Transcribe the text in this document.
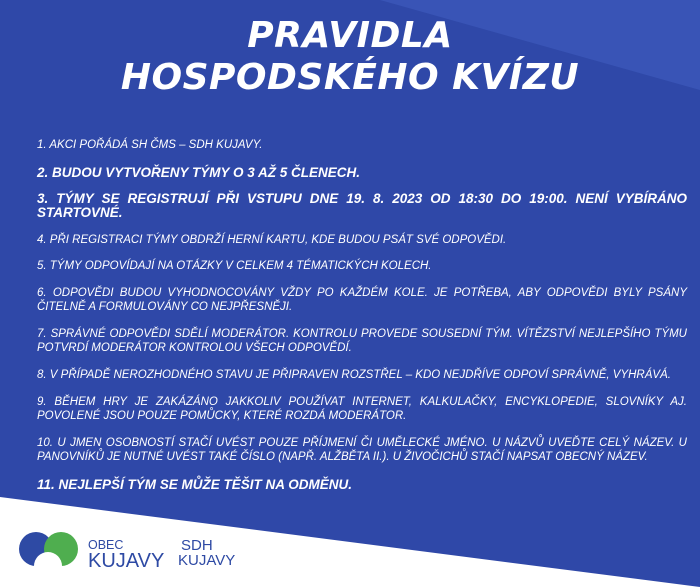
PRAVIDLA
HOSPODSKÉHO KVÍZU
1. AKCI POŘÁDÁ SH ČMS – SDH KUJAVY.
2. BUDOU VYTVOŘENY TÝMY O 3 AŽ 5 ČLENECH.
3. TÝMY SE REGISTRUJÍ PŘI VSTUPU DNE 19. 8. 2023 OD 18:30 DO 19:00. NENÍ VYBÍRÁNO STARTOVNÉ.
4. PŘI REGISTRACI TÝMY OBDRŽÍ HERNÍ KARTU, KDE BUDOU PSÁT SVÉ ODPOVĚDI.
5. TÝMY ODPOVÍDAJÍ NA OTÁZKY V CELKEM 4 TÉMATICKÝCH KOLECH.
6. ODPOVĚDI BUDOU VYHODNOCOVÁNY VŽDY PO KAŽDÉM KOLE. JE POTŘEBA, ABY ODPOVĚDI BYLY PSÁNY ČITELNĚ A FORMULOVÁNY CO NEJPŘESNĚJI.
7. SPRÁVNÉ ODPOVĚDI SDĚLÍ MODERÁTOR. KONTROLU PROVEDE SOUSEDNÍ TÝM. VÍTĚZSTVÍ NEJLEPŠÍHO TÝMU POTVRDÍ MODERÁTOR KONTROLOU VŠECH ODPOVĚDÍ.
8. V PŘÍPADĚ NEROZHODNÉHO STAVU JE PŘIPRAVEN ROZSTŘEL – KDO NEJDŘÍVE ODPOVÍ SPRÁVNĚ, VYHRÁVÁ.
9. BĚHEM HRY JE ZAKÁZÁNO JAKKOLIV POUŽÍVAT INTERNET, KALKULAČKY, ENCYKLOPEDIE, SLOVNÍKY AJ. POVOLENÉ JSOU POUZE POMŮCKY, KTERÉ ROZDÁ MODERÁTOR.
10. U JMEN OSOBNOSTÍ STAČÍ UVÉST POUZE PŘÍJMENÍ ČI UMĚLECKÉ JMÉNO. U NÁZVŮ UVEĎTE CELÝ NÁZEV. U PANOVNÍKŮ JE NUTNÉ UVÉST TAKÉ ČÍSLO (NAPŘ. ALŽBĚTA II.). U ŽIVOČICHŮ STAČÍ NAPSAT OBECNÝ NÁZEV.
11. NEJLEPŠÍ TÝM SE MŮŽE TĚŠIT NA ODMĚNU.
OBEC
KUJAVY
SDH
KUJAVY
